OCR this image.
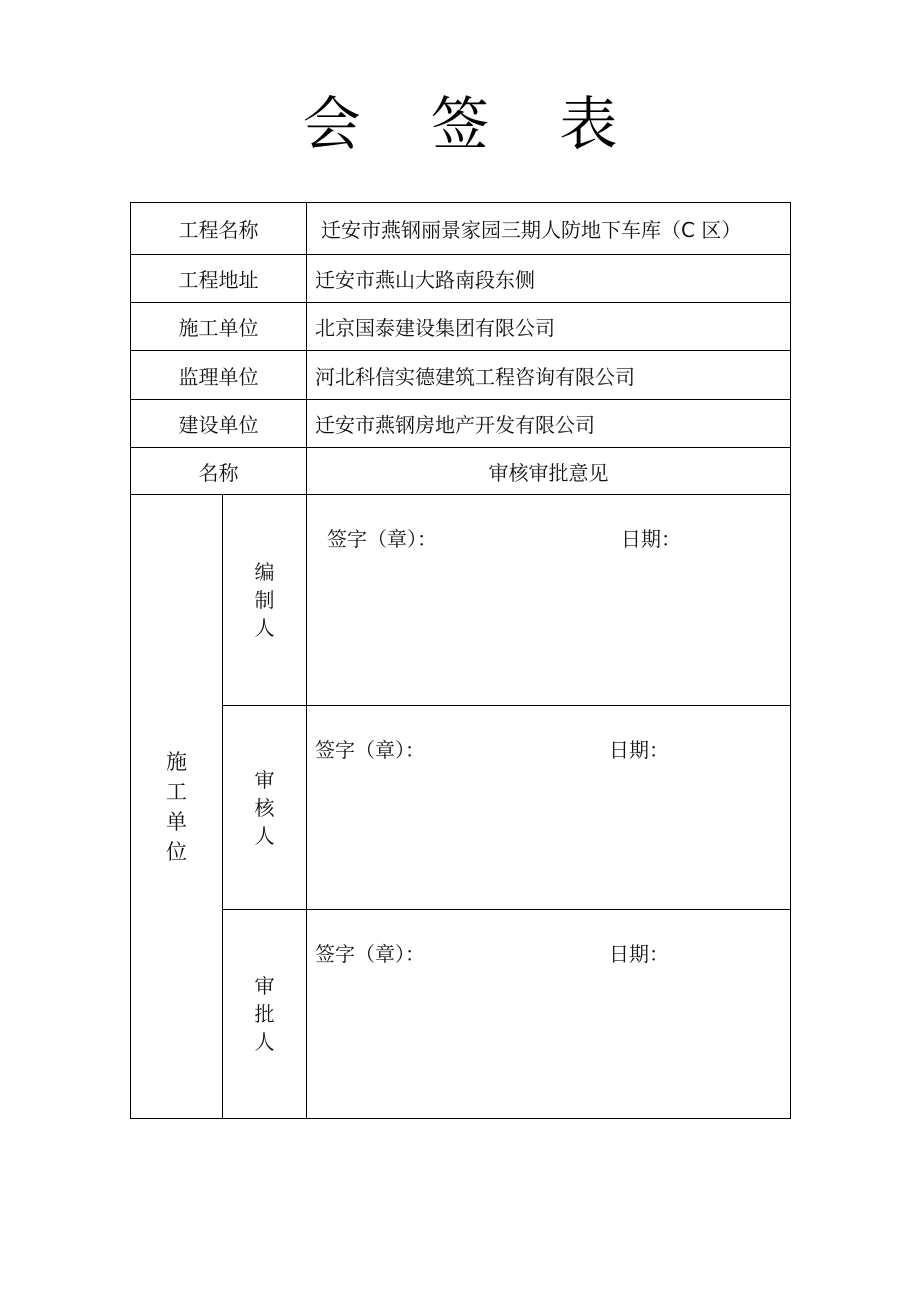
会 签 表
工程名称		迁安市燕钢丽景家园三期人防地下车库（C 区）
工程地址		迁安市燕山大路南段东侧
施工单位		北京国泰建设集团有限公司
监理单位		河北科信实德建筑工程咨询有限公司
建设单位		迁安市燕钢房地产开发有限公司
名称		审核审批意见
施工单位	编制人	签字（章）： 日期：

	审核人	签字（章）： 日期：

	审批人	签字（章）： 日期：
